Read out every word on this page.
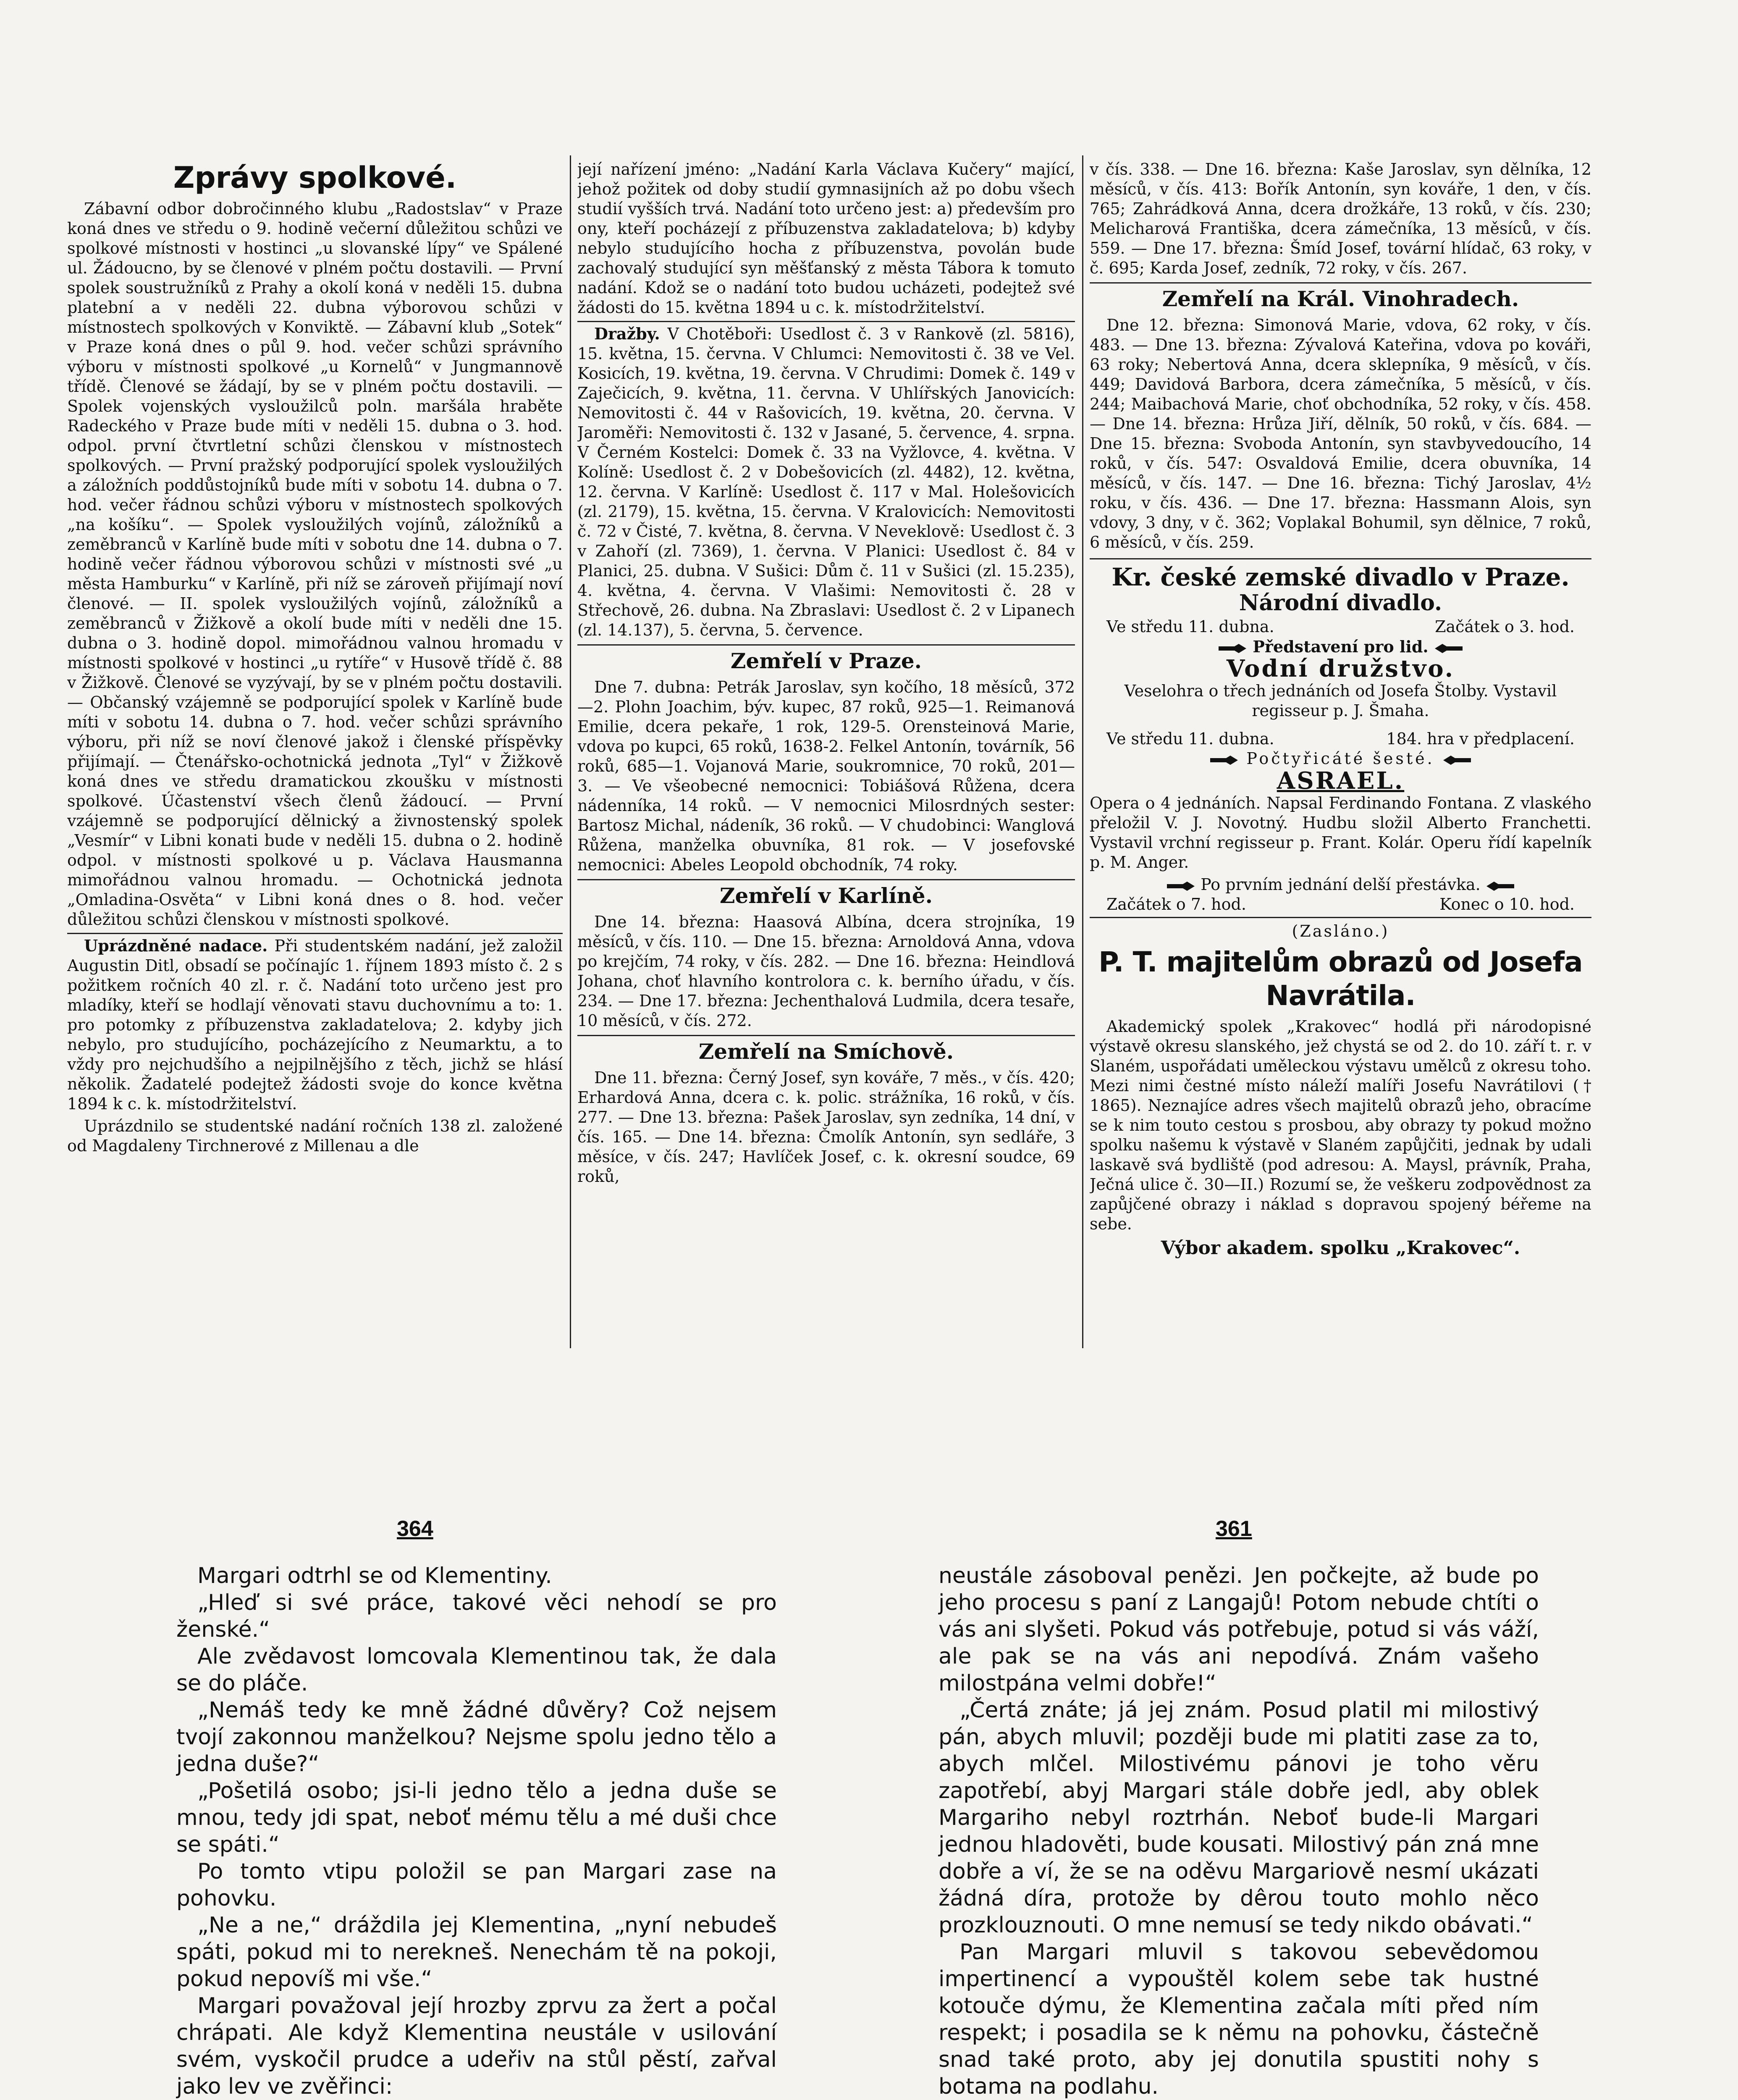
Zprávy spolkové.

Zábavní odbor dobročinného klubu „Radostslav“ v Praze koná dnes ve středu o 9. hodině večerní důležitou schůzi ve spolkové místnosti v hostinci „u slovanské lípy“ ve Spálené ul. Žádoucno, by se členové v plném počtu dostavili. — První spolek soustružníků z Prahy a okolí koná v neděli 15. dubna platební a v neděli 22. dubna výborovou schůzi v místnostech spolkových v Konviktě. — Zábavní klub „Sotek“ v Praze koná dnes o půl 9. hod. večer schůzi správního výboru v místnosti spolkové „u Kornelů“ v Jungmannově třídě. Členové se žádají, by se v plném počtu dostavili. — Spolek vojenských vysloužilců poln. maršála hraběte Radeckého v Praze bude míti v neděli 15. dubna o 3. hod. odpol. první čtvrtletní schůzi členskou v místnostech spolkových. — První pražský podporující spolek vysloužilých a záložních poddůstojníků bude míti v sobotu 14. dubna o 7. hod. večer řádnou schůzi výboru v místnostech spolkových „na košíku“. — Spolek vysloužilých vojínů, záložníků a zeměbranců v Karlíně bude míti v sobotu dne 14. dubna o 7. hodině večer řádnou výborovou schůzi v místnosti své „u města Hamburku“ v Karlíně, při níž se zároveň přijímají noví členové. — II. spolek vysloužilých vojínů, záložníků a zeměbranců v Žižkově a okolí bude míti v neděli dne 15. dubna o 3. hodině dopol. mimořádnou valnou hromadu v místnosti spolkové v hostinci „u rytíře“ v Husově třídě č. 88 v Žižkově. Členové se vyzývají, by se v plném počtu dostavili. — Občanský vzájemně se podporující spolek v Karlíně bude míti v sobotu 14. dubna o 7. hod. večer schůzi správního výboru, při níž se noví členové jakož i členské příspěvky přijímají. — Čtenářsko-ochotnická jednota „Tyl“ v Žižkově koná dnes ve středu dramatickou zkoušku v místnosti spolkové. Účastenství všech členů žádoucí. — První vzájemně se podporující dělnický a živnostenský spolek „Vesmír“ v Libni konati bude v neděli 15. dubna o 2. hodině odpol. v místnosti spolkové u p. Václava Hausmanna mimořádnou valnou hromadu. — Ochotnická jednota „Omladina-Osvěta“ v Libni koná dnes o 8. hod. večer důležitou schůzi členskou v místnosti spolkové.

Uprázdněné nadace. Při studentském nadání, jež založil Augustin Ditl, obsadí se počínajíc 1. říjnem 1893 místo č. 2 s požitkem ročních 40 zl. r. č. Nadání toto určeno jest pro mladíky, kteří se hodlají věnovati stavu duchovnímu a to: 1. pro potomky z příbuzenstva zakladatelova; 2. kdyby jich nebylo, pro studujícího, pocházejícího z Neumarktu, a to vždy pro nejchudšího a nejpilnějšího z těch, jichž se hlásí několik. Žadatelé podejtež žádosti svoje do konce května 1894 k c. k. místodržitelství.

Uprázdnilo se studentské nadání ročních 138 zl. založené od Magdaleny Tirchnerové z Millenau a dle

její nařízení jméno: „Nadání Karla Václava Kučery“ mající, jehož požitek od doby studií gymnasijních až po dobu všech studií vyšších trvá. Nadání toto určeno jest: a) především pro ony, kteří pocházejí z příbuzenstva zakladatelova; b) kdyby nebylo studujícího hocha z příbuzenstva, povolán bude zachovalý studující syn měšťanský z města Tábora k tomuto nadání. Kdož se o nadání toto budou ucházeti, podejtež své žádosti do 15. května 1894 u c. k. místodržitelství.

Dražby. V Chotěboři: Usedlost č. 3 v Rankově (zl. 5816), 15. května, 15. června. V Chlumci: Nemovitosti č. 38 ve Vel. Kosicích, 19. května, 19. června. V Chrudimi: Domek č. 149 v Zaječicích, 9. května, 11. června. V Uhlířských Janovicích: Nemovitosti č. 44 v Rašovicích, 19. května, 20. června. V Jaroměři: Nemovitosti č. 132 v Jasané, 5. července, 4. srpna. V Černém Kostelci: Domek č. 33 na Vyžlovce, 4. května. V Kolíně: Usedlost č. 2 v Dobešovicích (zl. 4482), 12. května, 12. června. V Karlíně: Usedlost č. 117 v Mal. Holešovicích (zl. 2179), 15. května, 15. června. V Kralovicích: Nemovitosti č. 72 v Čisté, 7. května, 8. června. V Neveklově: Usedlost č. 3 v Zahoří (zl. 7369), 1. června. V Planici: Usedlost č. 84 v Planici, 25. dubna. V Sušici: Dům č. 11 v Sušici (zl. 15.235), 4. května, 4. června. V Vlašimi: Nemovitosti č. 28 v Střechově, 26. dubna. Na Zbraslavi: Usedlost č. 2 v Lipanech (zl. 14.137), 5. června, 5. července.

Zemřelí v Praze.

Dne 7. dubna: Petrák Jaroslav, syn kočího, 18 měsíců, 372—2. Plohn Joachim, býv. kupec, 87 roků, 925—1. Reimanová Emilie, dcera pekaře, 1 rok, 129-5. Orensteinová Marie, vdova po kupci, 65 roků, 1638-2. Felkel Antonín, továrník, 56 roků, 685—1. Vojanová Marie, soukromnice, 70 roků, 201—3. — Ve všeobecné nemocnici: Tobiášová Růžena, dcera nádenníka, 14 roků. — V nemocnici Milosrdných sester: Bartosz Michal, nádeník, 36 roků. — V chudobinci: Wanglová Růžena, manželka obuvníka, 81 rok. — V josefovské nemocnici: Abeles Leopold obchodník, 74 roky.

Zemřelí v Karlíně.

Dne 14. března: Haasová Albína, dcera strojníka, 19 měsíců, v čís. 110. — Dne 15. března: Arnoldová Anna, vdova po krejčím, 74 roky, v čís. 282. — Dne 16. března: Heindlová Johana, choť hlavního kontrolora c. k. berního úřadu, v čís. 234. — Dne 17. března: Jechenthalová Ludmila, dcera tesaře, 10 měsíců, v čís. 272.

Zemřelí na Smíchově.

Dne 11. března: Černý Josef, syn kováře, 7 měs., v čís. 420; Erhardová Anna, dcera c. k. polic. strážníka, 16 roků, v čís. 277. — Dne 13. března: Pašek Jaroslav, syn zedníka, 14 dní, v čís. 165. — Dne 14. března: Čmolík Antonín, syn sedláře, 3 měsíce, v čís. 247; Havlíček Josef, c. k. okresní soudce, 69 roků,

v čís. 338. — Dne 16. března: Kaše Jaroslav, syn dělníka, 12 měsíců, v čís. 413: Bořík Antonín, syn kováře, 1 den, v čís. 765; Zahrádková Anna, dcera drožkáře, 13 roků, v čís. 230; Melicharová Františka, dcera zámečníka, 13 měsíců, v čís. 559. — Dne 17. března: Šmíd Josef, tovární hlídač, 63 roky, v č. 695; Karda Josef, zedník, 72 roky, v čís. 267.

Zemřelí na Král. Vinohradech.

Dne 12. března: Simonová Marie, vdova, 62 roky, v čís. 483. — Dne 13. března: Zývalová Kateřina, vdova po kováři, 63 roky; Nebertová Anna, dcera sklepníka, 9 měsíců, v čís. 449; Davidová Barbora, dcera zámečníka, 5 měsíců, v čís. 244; Maibachová Marie, choť obchodníka, 52 roky, v čís. 458. — Dne 14. března: Hrůza Jiří, dělník, 50 roků, v čís. 684. — Dne 15. března: Svoboda Antonín, syn stavbyvedoucího, 14 roků, v čís. 547: Osvaldová Emilie, dcera obuvníka, 14 měsíců, v čís. 147. — Dne 16. března: Tichý Jaroslav, 4½ roku, v čís. 436. — Dne 17. března: Hassmann Alois, syn vdovy, 3 dny, v č. 362; Voplakal Bohumil, syn dělnice, 7 roků, 6 měsíců, v čís. 259.

Kr. české zemské divadlo v Praze.
Národní divadlo.
Ve středu 11. dubna.	Začátek o 3. hod.
Představení pro lid.
Vodní družstvo.

Veselohra o třech jednáních od Josefa Štolby. Vystavil regisseur p. J. Šmaha.

Ve středu 11. dubna.	184. hra v předplacení.
Počtyřicáté šesté.
ASRAEL.

Opera o 4 jednáních. Napsal Ferdinando Fontana. Z vlaského přeložil V. J. Novotný. Hudbu složil Alberto Franchetti. Vystavil vrchní regisseur p. Frant. Kolár. Operu řídí kapelník p. M. Anger.

Po prvním jednání delší přestávka.
Začátek o 7. hod.	Konec o 10. hod.
(Zasláno.)
P. T. majitelům obrazů od Josefa Navrátila.

Akademický spolek „Krakovec“ hodlá při národopisné výstavě okresu slanského, jež chystá se od 2. do 10. září t. r. v Slaném, uspořádati uměleckou výstavu umělců z okresu toho. Mezi nimi čestné místo náleží malíři Josefu Navrátilovi († 1865). Neznajíce adres všech majitelů obrazů jeho, obracíme se k nim touto cestou s prosbou, aby obrazy ty pokud možno spolku našemu k výstavě v Slaném zapůjčiti, jednak by udali laskavě svá bydliště (pod adresou: A. Maysl, právník, Praha, Ječná ulice č. 30—II.) Rozumí se, že veškeru zodpovědnost za zapůjčené obrazy i náklad s dopravou spojený béřeme na sebe.

Výbor akadem. spolku „Krakovec“.
364	361

Margari odtrhl se od Klementiny.

„Hleď si své práce, takové věci nehodí se pro ženské.“

Ale zvědavost lomcovala Klementinou tak, že dala se do pláče.

„Nemáš tedy ke mně žádné důvěry? Což nejsem tvojí zakonnou manželkou? Nejsme spolu jedno tělo a jedna duše?“

„Pošetilá osobo; jsi-li jedno tělo a jedna duše se mnou, tedy jdi spat, neboť mému tělu a mé duši chce se spáti.“

Po tomto vtipu položil se pan Margari zase na pohovku.

„Ne a ne,“ dráždila jej Klementina, „nyní nebudeš spáti, pokud mi to nerekneš. Nenechám tě na pokoji, pokud nepovíš mi vše.“

Margari považoval její hrozby zprvu za žert a počal chrápati. Ale když Klementina neustále v usilování svém, vyskočil prudce a udeřiv na stůl pěstí, zařval jako lev ve zvěřinci:

neustále zásoboval penězi. Jen počkejte, až bude po jeho procesu s paní z Langajů! Potom nebude chtíti o vás ani slyšeti. Pokud vás potřebuje, potud si vás váží, ale pak se na vás ani nepodívá. Znám vašeho milostpána velmi dobře!“

„Čertá znáte; já jej znám. Posud platil mi milostivý pán, abych mluvil; později bude mi platiti zase za to, abych mlčel. Milostivému pánovi je toho věru zapotřebí, abyj Margari stále dobře jedl, aby oblek Margariho nebyl roztrhán. Neboť bude-li Margari jednou hladověti, bude kousati. Milostivý pán zná mne dobře a ví, že se na oděvu Margariově nesmí ukázati žádná díra, protože by dêrou touto mohlo něco prozklouznouti. O mne nemusí se tedy nikdo obávati.“

Pan Margari mluvil s takovou sebevědomou impertinencí a vypouštěl kolem sebe tak hustné kotouče dýmu, že Klementina začala míti před ním respekt; i posadila se k němu na pohovku, částečně snad také proto, aby jej donutila spustiti nohy s botama na podlahu.
